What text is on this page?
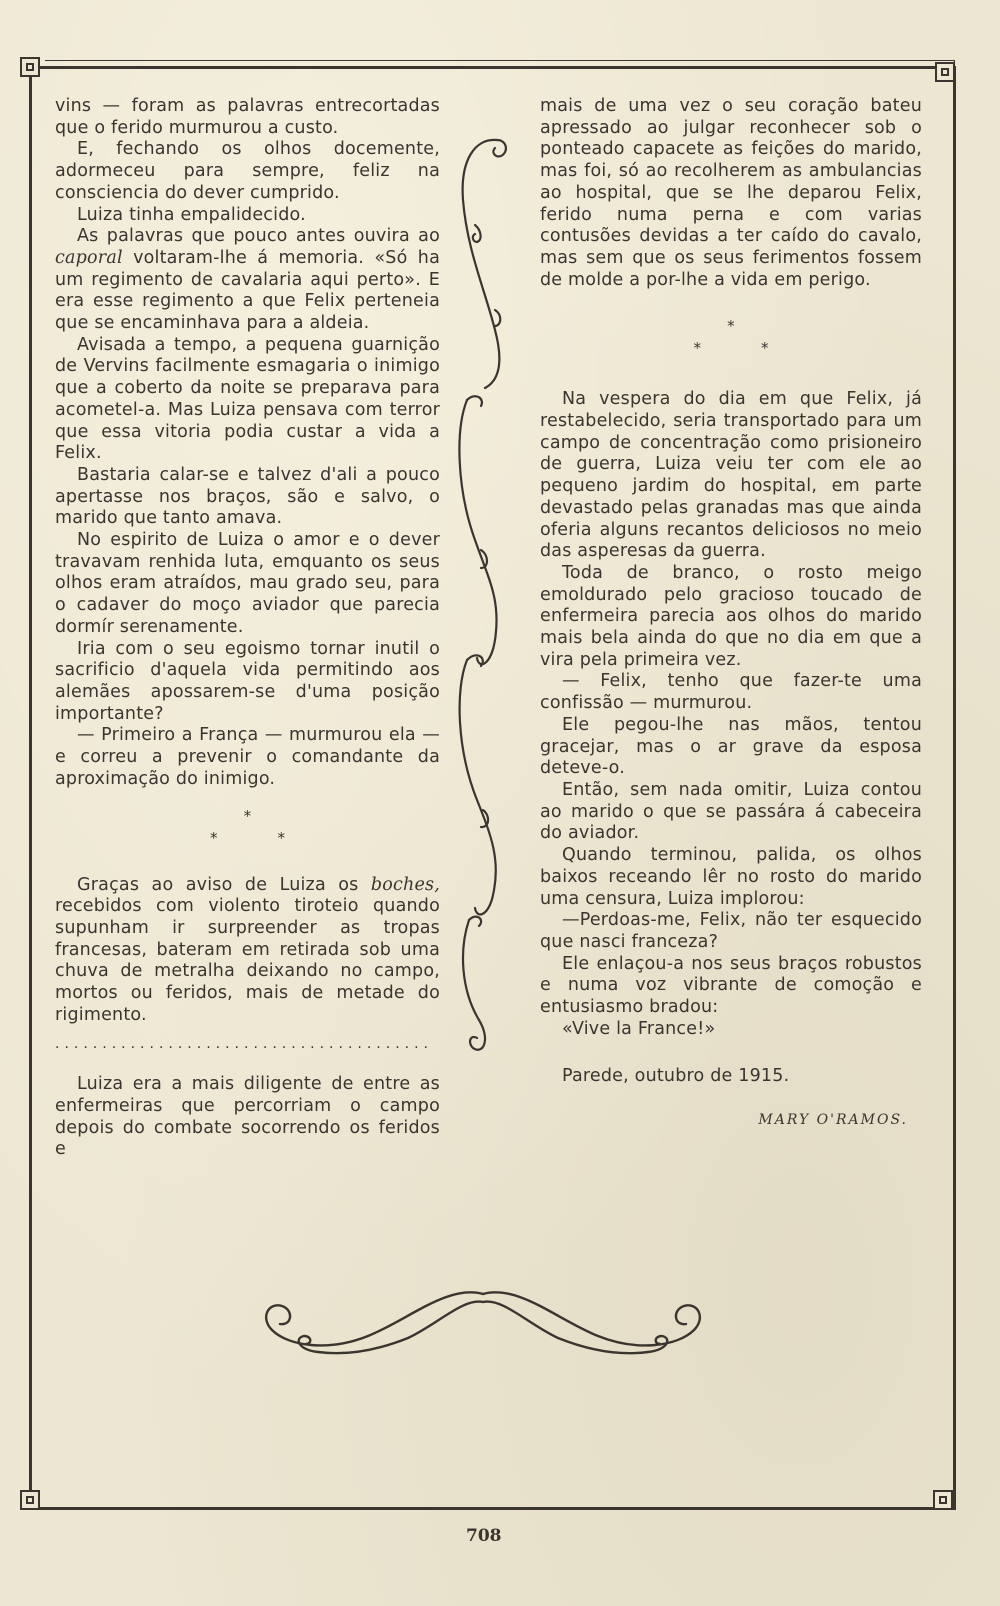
vins — foram as palavras entrecortadas que o ferido murmurou a custo.

E, fechando os olhos docemente, adormeceu para sempre, feliz na consciencia do dever cumprido.

Luiza tinha empalidecido.

As palavras que pouco antes ouvira ao caporal voltaram-lhe á memoria. «Só ha um regimento de cavalaria aqui perto». E era esse regimento a que Felix perteneia que se encaminhava para a aldeia.

Avisada a tempo, a pequena guarnição de Vervins facilmente esmagaria o inimigo que a coberto da noite se preparava para acometel-a. Mas Luiza pensava com terror que essa vitoria podia custar a vida a Felix.

Bastaria calar-se e talvez d'ali a pouco apertasse nos braços, são e salvo, o marido que tanto amava.

No espirito de Luiza o amor e o dever travavam renhida luta, emquanto os seus olhos eram atraídos, mau grado seu, para o cadaver do moço aviador que parecia dormír serenamente.

Iria com o seu egoismo tornar inutil o sacrificio d'aquela vida permitindo aos alemães apossarem-se d'uma posição importante?

— Primeiro a França — murmurou ela — e correu a prevenir o comandante da aproximação do inimigo.

*
**

Graças ao aviso de Luiza os boches, recebidos com violento tiroteio quando supunham ir surpreender as tropas francesas, bateram em retirada sob uma chuva de metralha deixando no campo, mortos ou feridos, mais de metade do rigimento.

........................................

Luiza era a mais diligente de entre as enfermeiras que percorriam o campo depois do combate socorrendo os feridos e

mais de uma vez o seu coração bateu apressado ao julgar reconhecer sob o ponteado capacete as feições do marido, mas foi, só ao recolherem as ambulancias ao hospital, que se lhe deparou Felix, ferido numa perna e com varias contusões devidas a ter caído do cavalo, mas sem que os seus ferimentos fossem de molde a por-lhe a vida em perigo.

*
**

Na vespera do dia em que Felix, já restabelecido, seria transportado para um campo de concentração como prisioneiro de guerra, Luiza veiu ter com ele ao pequeno jardim do hospital, em parte devastado pelas granadas mas que ainda oferia alguns recantos deliciosos no meio das asperesas da guerra.

Toda de branco, o rosto meigo emoldurado pelo gracioso toucado de enfermeira parecia aos olhos do marido mais bela ainda do que no dia em que a vira pela primeira vez.

— Felix, tenho que fazer-te uma confissão — murmurou.

Ele pegou-lhe nas mãos, tentou gracejar, mas o ar grave da esposa deteve-o.

Então, sem nada omitir, Luiza contou ao marido o que se passára á cabeceira do aviador.

Quando terminou, palida, os olhos baixos receando lêr no rosto do marido uma censura, Luiza implorou:

—Perdoas-me, Felix, não ter esquecido que nasci franceza?

Ele enlaçou-a nos seus braços robustos e numa voz vibrante de comoção e entusiasmo bradou:

«Vive la France!»

Parede, outubro de 1915.

MARY O'RAMOS.

708
